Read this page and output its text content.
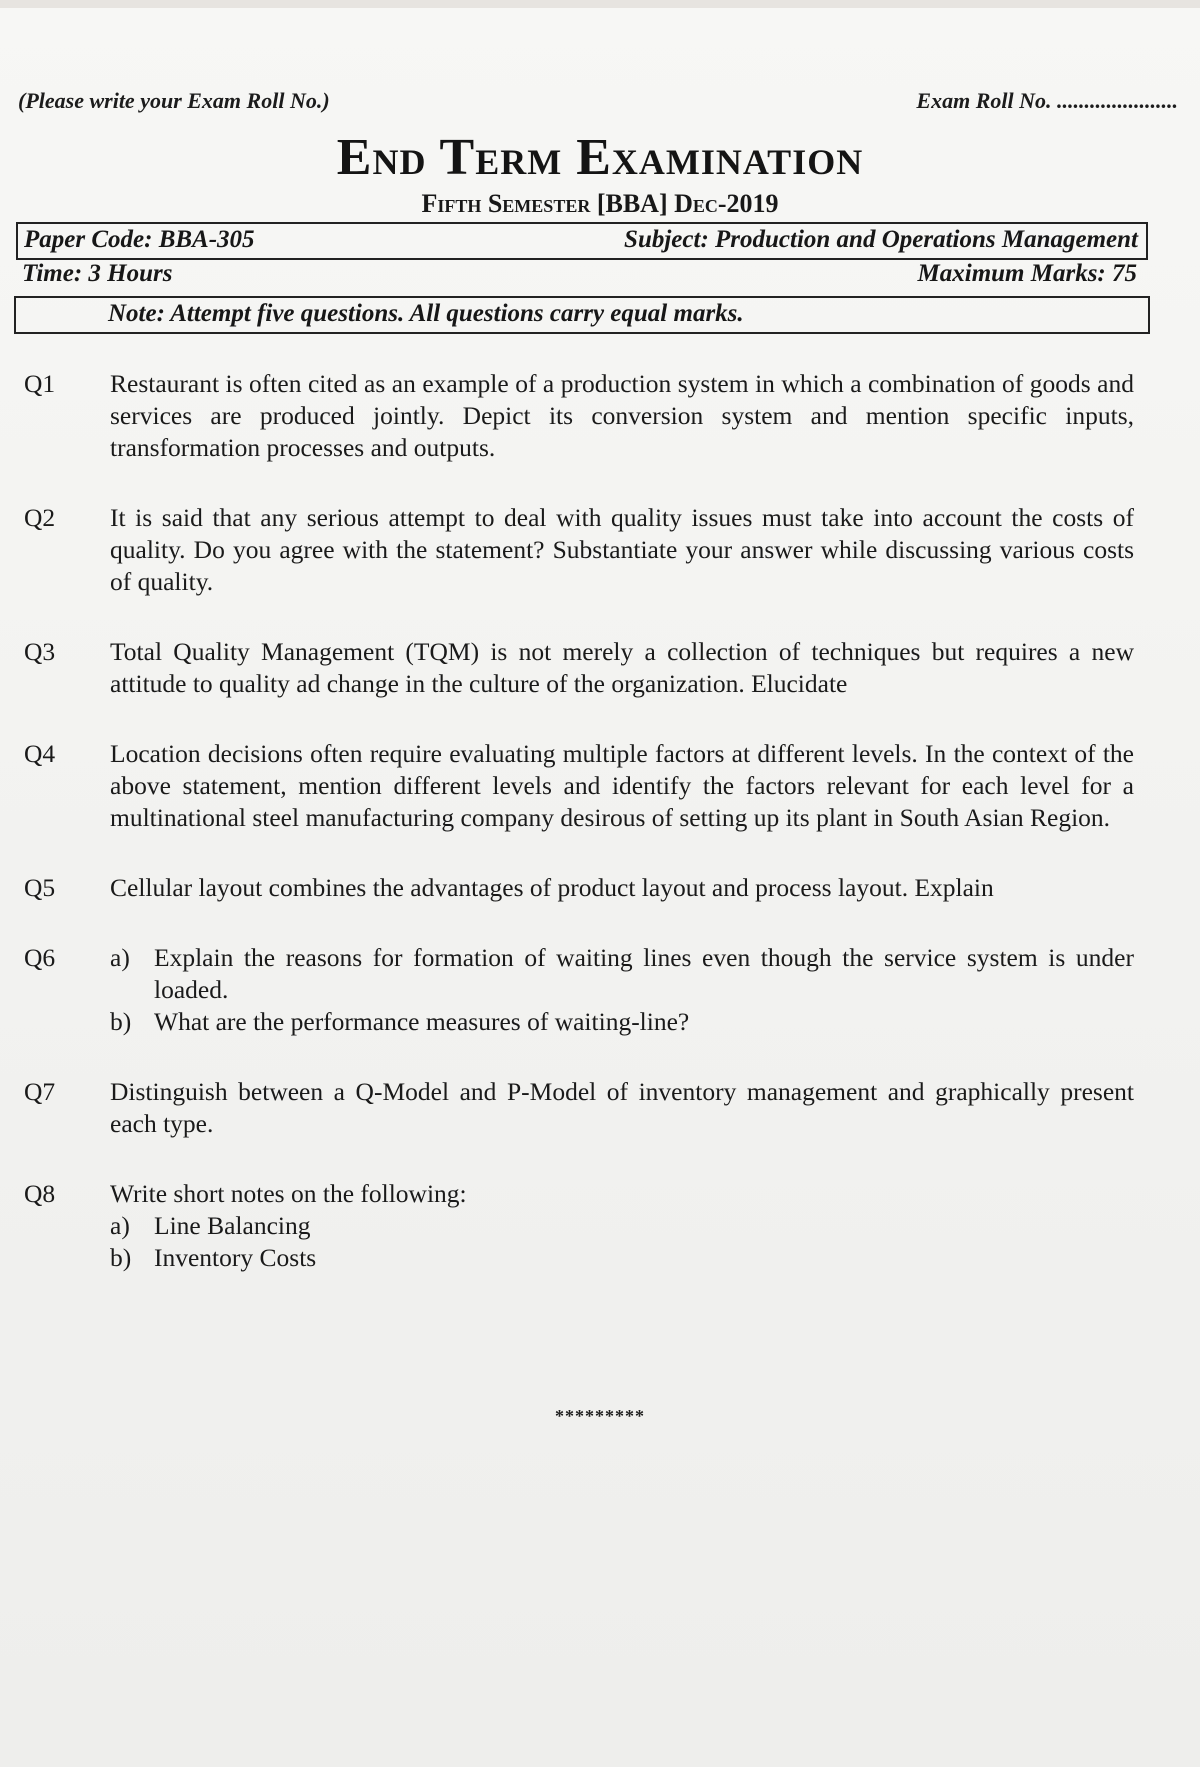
(Please write your Exam Roll No.)	Exam Roll No. ......................
End Term Examination
Fifth Semester [BBA] Dec-2019
Paper Code: BBA-305	Subject: Production and Operations Management
Time: 3 Hours	Maximum Marks: 75
Note: Attempt five questions. All questions carry equal marks.
Q1 Restaurant is often cited as an example of a production system in which a combination of goods and services are produced jointly. Depict its conversion system and mention specific inputs, transformation processes and outputs.
Q2 It is said that any serious attempt to deal with quality issues must take into account the costs of quality. Do you agree with the statement? Substantiate your answer while discussing various costs of quality.
Q3 Total Quality Management (TQM) is not merely a collection of techniques but requires a new attitude to quality ad change in the culture of the organization. Elucidate
Q4 Location decisions often require evaluating multiple factors at different levels. In the context of the above statement, mention different levels and identify the factors relevant for each level for a multinational steel manufacturing company desirous of setting up its plant in South Asian Region.
Q5 Cellular layout combines the advantages of product layout and process layout. Explain
Q6 a) Explain the reasons for formation of waiting lines even though the service system is under loaded.
b) What are the performance measures of waiting-line?
Q7 Distinguish between a Q-Model and P-Model of inventory management and graphically present each type.
Q8 Write short notes on the following:
a) Line Balancing
b) Inventory Costs
*********
